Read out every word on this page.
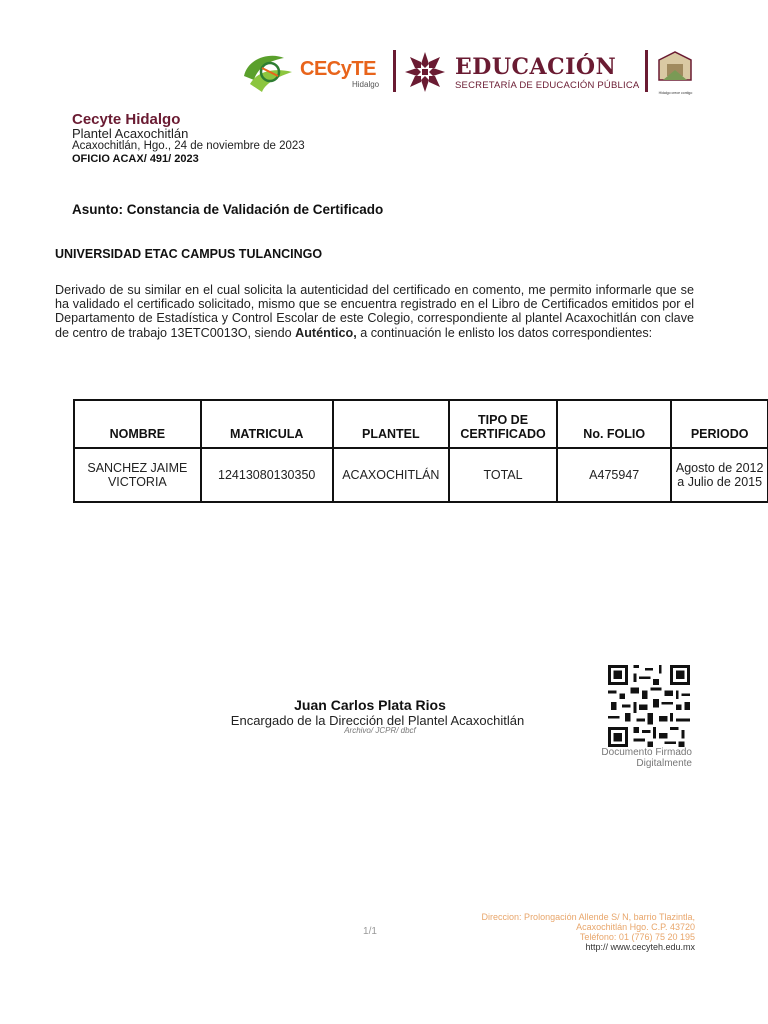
CECyTE
Hidalgo
EDUCACIÓN
SECRETARÍA DE EDUCACIÓN PÚBLICA
Hidalgo crece contigo
Cecyte Hidalgo
Plantel Acaxochitlán
Acaxochitlán, Hgo., 24 de noviembre de 2023
OFICIO ACAX/ 491/ 2023
Asunto: Constancia de Validación de Certificado
UNIVERSIDAD ETAC CAMPUS TULANCINGO
Derivado de su similar en el cual solicita la autenticidad del certificado en comento, me permito informarle que se ha validado el certificado solicitado, mismo que se encuentra registrado en el Libro de Certificados emitidos por el Departamento de Estadística y Control Escolar de este Colegio, correspondiente al plantel Acaxochitlán con clave de centro de trabajo 13ETC0013O, siendo Auténtico, a continuación le enlisto los datos correspondientes:
NOMBRE	MATRICULA	PLANTEL	TIPO DE CERTIFICADO	No. FOLIO	PERIODO
SANCHEZ JAIME VICTORIA	12413080130350	ACAXOCHITLÁN	TOTAL	A475947	Agosto de 2012 a Julio de 2015
Juan Carlos Plata Rios
Encargado de la Dirección del Plantel Acaxochitlán
Archivo/ JCPR/ dbcf
Documento Firmado
Digitalmente
1/1
Direccion: Prolongación Allende S/ N, barrio Tlazintla,
Acaxochitlán Hgo. C.P. 43720
Teléfono: 01 (776) 75 20 195
http:// www.cecyteh.edu.mx
